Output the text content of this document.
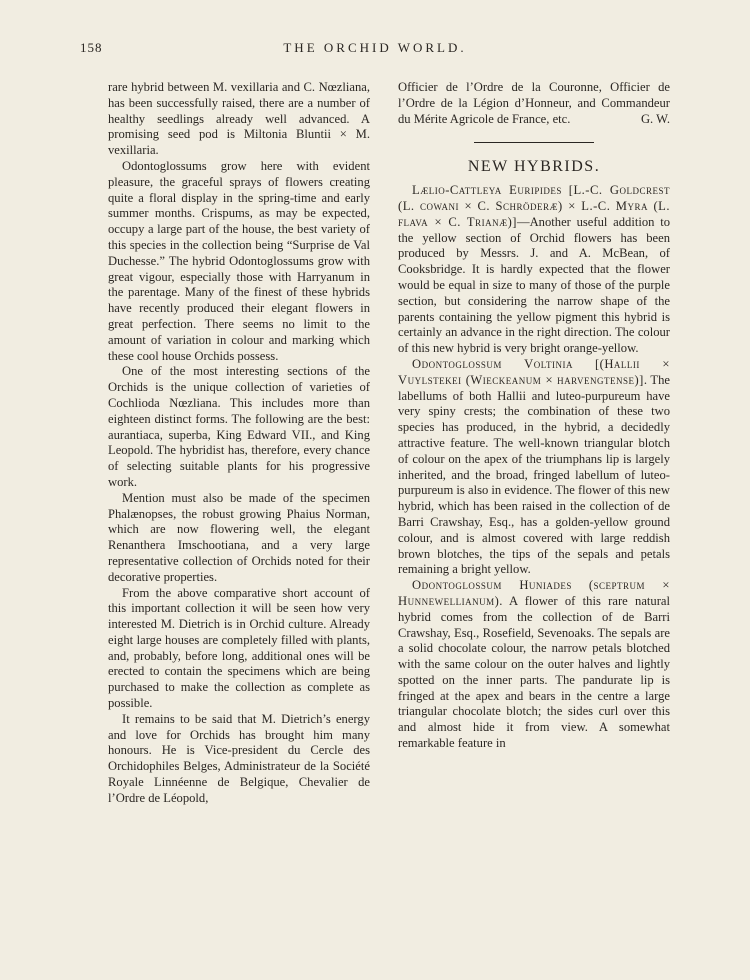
158	THE ORCHID WORLD.

rare hybrid between M. vexillaria and C. Nœzliana, has been successfully raised, there are a number of healthy seedlings already well advanced. A promising seed pod is Miltonia Bluntii × M. vexillaria.

Odontoglossums grow here with evident pleasure, the graceful sprays of flowers creating quite a floral display in the spring-time and early summer months. Crispums, as may be expected, occupy a large part of the house, the best variety of this species in the collection being “Surprise de Val Duchesse.” The hybrid Odontoglossums grow with great vigour, especially those with Harryanum in the parentage. Many of the finest of these hybrids have recently produced their elegant flowers in great perfection. There seems no limit to the amount of variation in colour and marking which these cool house Orchids possess.

One of the most interesting sections of the Orchids is the unique collection of varieties of Cochlioda Nœzliana. This includes more than eighteen distinct forms. The following are the best: aurantiaca, superba, King Edward VII., and King Leopold. The hybridist has, therefore, every chance of selecting suitable plants for his progressive work.

Mention must also be made of the specimen Phalænopses, the robust growing Phaius Norman, which are now flowering well, the elegant Renanthera Imschootiana, and a very large representative collection of Orchids noted for their decorative properties.

From the above comparative short account of this important collection it will be seen how very interested M. Dietrich is in Orchid culture. Already eight large houses are completely filled with plants, and, probably, before long, additional ones will be erected to contain the specimens which are being purchased to make the collection as complete as possible.

It remains to be said that M. Dietrich’s energy and love for Orchids has brought him many honours. He is Vice-president du Cercle des Orchidophiles Belges, Administrateur de la Société Royale Linnéenne de Belgique, Chevalier de l’Ordre de Léopold,

Officier de l’Ordre de la Couronne, Officier de l’Ordre de la Légion d’Honneur, and Commandeur du Mérite Agricole de France, etc.	G. W.

NEW HYBRIDS.

Lælio-Cattleya Euripides [L.-C. Goldcrest (L. cowani × C. Schröderæ) × L.-C. Myra (L. flava × C. Trianæ)]—Another useful addition to the yellow section of Orchid flowers has been produced by Messrs. J. and A. McBean, of Cooksbridge. It is hardly expected that the flower would be equal in size to many of those of the purple section, but considering the narrow shape of the parents containing the yellow pigment this hybrid is certainly an advance in the right direction. The colour of this new hybrid is very bright orange-yellow.

Odontoglossum Voltinia [(Hallii × Vuylstekei (Wieckeanum × harvengtense)]. The labellums of both Hallii and luteo-purpureum have very spiny crests; the combination of these two species has produced, in the hybrid, a decidedly attractive feature. The well-known triangular blotch of colour on the apex of the triumphans lip is largely inherited, and the broad, fringed labellum of luteo-purpureum is also in evidence. The flower of this new hybrid, which has been raised in the collection of de Barri Crawshay, Esq., has a golden-yellow ground colour, and is almost covered with large reddish brown blotches, the tips of the sepals and petals remaining a bright yellow.

Odontoglossum Huniades (sceptrum × Hunnewellianum). A flower of this rare natural hybrid comes from the collection of de Barri Crawshay, Esq., Rosefield, Sevenoaks. The sepals are a solid chocolate colour, the narrow petals blotched with the same colour on the outer halves and lightly spotted on the inner parts. The pandurate lip is fringed at the apex and bears in the centre a large triangular chocolate blotch; the sides curl over this and almost hide it from view. A somewhat remarkable feature in
